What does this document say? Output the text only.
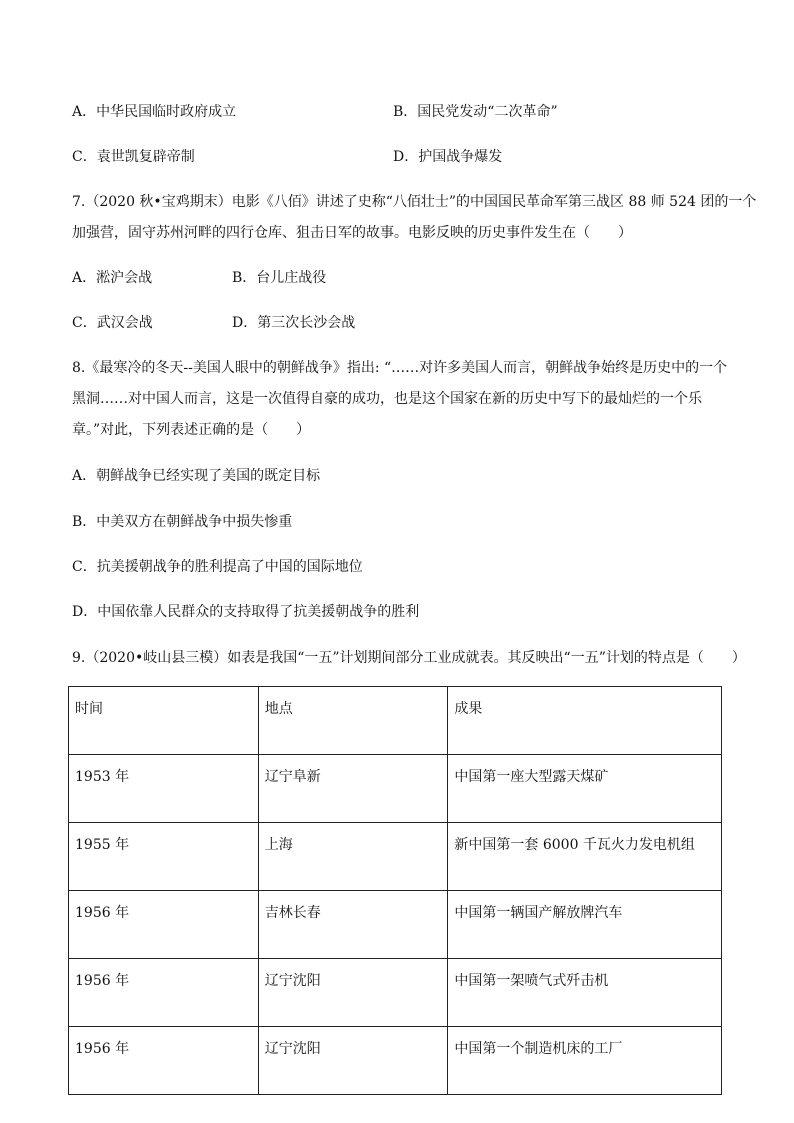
A．中华民国临时政府成立	B．国民党发动“二次革命”
C．袁世凯复辟帝制	D．护国战争爆发
7.（2020 秋•宝鸡期末）电影《八佰》讲述了史称“八佰壮士”的中国国民革命军第三战区 88 师 524 团的一个
加强营，固守苏州河畔的四行仓库、狙击日军的故事。电影反映的历史事件发生在（　　）
A．淞沪会战	B．台儿庄战役
C．武汉会战	D．第三次长沙会战
8.《最寒冷的冬天--美国人眼中的朝鲜战争》指出: “……对许多美国人而言，朝鲜战争始终是历史中的一个
黑洞……对中国人而言，这是一次值得自豪的成功，也是这个国家在新的历史中写下的最灿烂的一个乐
章。”对此，下列表述正确的是（　　）
A．朝鲜战争已经实现了美国的既定目标
B．中美双方在朝鲜战争中损失惨重
C．抗美援朝战争的胜利提高了中国的国际地位
D．中国依靠人民群众的支持取得了抗美援朝战争的胜利
9.（2020•岐山县三模）如表是我国“一五”计划期间部分工业成就表。其反映出“一五”计划的特点是（　　）
时间	地点	成果
1953 年	辽宁阜新	中国第一座大型露天煤矿
1955 年	上海	新中国第一套 6000 千瓦火力发电机组
1956 年	吉林长春	中国第一辆国产解放牌汽车
1956 年	辽宁沈阳	中国第一架喷气式歼击机
1956 年	辽宁沈阳	中国第一个制造机床的工厂
